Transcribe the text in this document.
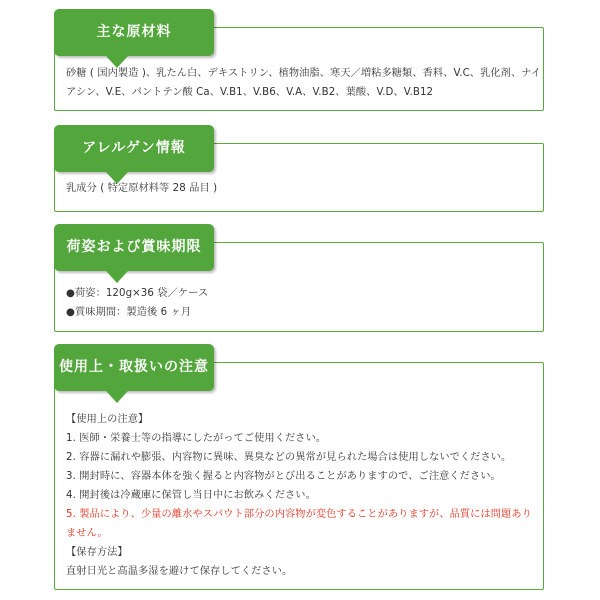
主な原材料
砂糖 ( 国内製造 )、乳たん白、デキストリン、植物油脂、寒天／増粘多糖類、香料、V.C、乳化剤、ナイ
アシン、V.E、パントテン酸 Ca、V.B1、V.B6、V.A、V.B2、葉酸、V.D、V.B12
アレルゲン情報
乳成分 ( 特定原材料等 28 品目 )
荷姿および賞味期限
●荷姿：120g×36 袋／ケース
●賞味期間：製造後 6 ヶ月
使用上・取扱いの注意
【使用上の注意】
1. 医師・栄養士等の指導にしたがってご使用ください。
2. 容器に漏れや膨張、内容物に異味、異臭などの異常が見られた場合は使用しないでください。
3. 開封時に、容器本体を強く握ると内容物がとび出ることがありますので、ご注意ください。
4. 開封後は冷蔵庫に保管し当日中にお飲みください。
5. 製品により、少量の離水やスパウト部分の内容物が変色することがありますが、品質には問題ありません。
【保存方法】
直射日光と高温多湿を避けて保存してください。
